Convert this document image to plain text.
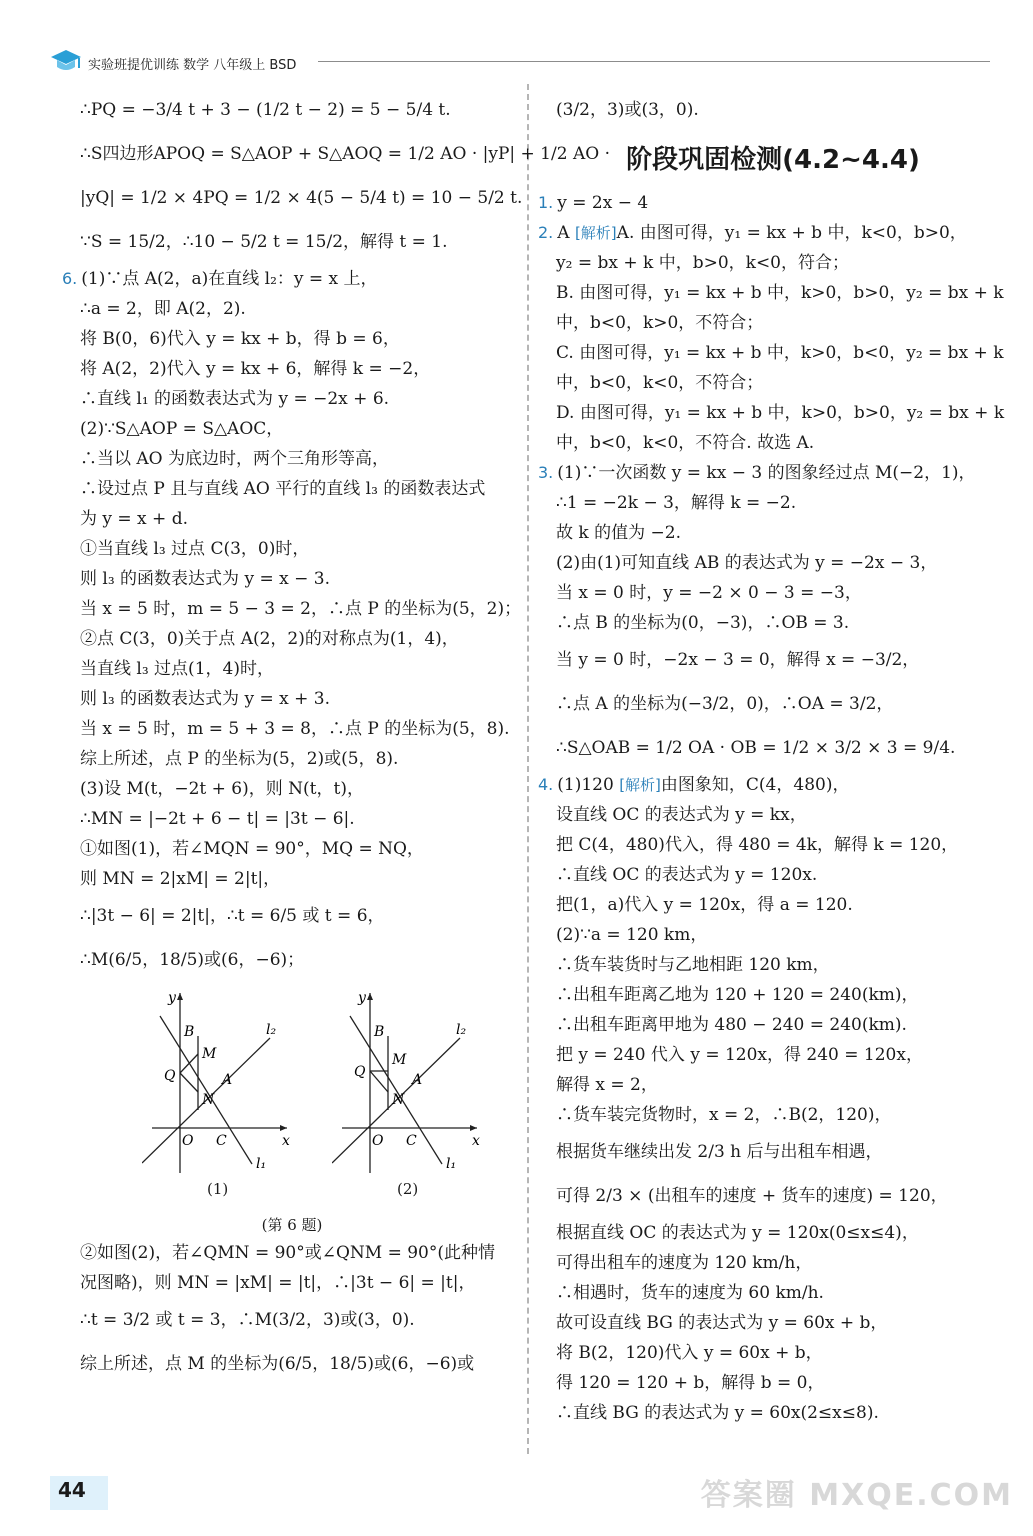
实验班提优训练 数学 八年级上 BSD

∴PQ = −3/4 t + 3 − (1/2 t − 2) = 5 − 5/4 t.

∴S四边形APOQ = S△AOP + S△AOQ = 1/2 AO · |yP| + 1/2 AO ·

|yQ| = 1/2 × 4PQ = 1/2 × 4(5 − 5/4 t) = 10 − 5/2 t.

∵S = 15/2，∴10 − 5/2 t = 15/2，解得 t = 1.

6. (1)∵点 A(2，a)在直线 l₂：y = x 上，

∴a = 2，即 A(2，2).

将 B(0，6)代入 y = kx + b，得 b = 6，

将 A(2，2)代入 y = kx + 6，解得 k = −2，

∴直线 l₁ 的函数表达式为 y = −2x + 6.

(2)∵S△AOP = S△AOC，

∴当以 AO 为底边时，两个三角形等高，

∴设过点 P 且与直线 AO 平行的直线 l₃ 的函数表达式

为 y = x + d.

①当直线 l₃ 过点 C(3，0)时，

则 l₃ 的函数表达式为 y = x − 3.

当 x = 5 时，m = 5 − 3 = 2，∴点 P 的坐标为(5，2)；

②点 C(3，0)关于点 A(2，2)的对称点为(1，4)，

当直线 l₃ 过点(1，4)时，

则 l₃ 的函数表达式为 y = x + 3.

当 x = 5 时，m = 5 + 3 = 8，∴点 P 的坐标为(5，8).

综上所述，点 P 的坐标为(5，2)或(5，8).

(3)设 M(t，−2t + 6)，则 N(t，t)，

∴MN = |−2t + 6 − t| = |3t − 6|.

①如图(1)，若∠MQN = 90°，MQ = NQ，

则 MN = 2|xM| = 2|t|，

∴|3t − 6| = 2|t|，∴t = 6/5 或 t = 6，

∴M(6/5，18/5)或(6，−6)；

y
B
M
Q	A
N
O C	x
l₂
l₁
y
B
M
Q	A
N
O C	x
l₂
l₁
(1)	(2)

(第 6 题)

②如图(2)，若∠QMN = 90°或∠QNM = 90°(此种情

况图略)，则 MN = |xM| = |t|，∴|3t − 6| = |t|，

∴t = 3/2 或 t = 3，∴M(3/2，3)或(3，0).

综上所述，点 M 的坐标为(6/5，18/5)或(6，−6)或

(3/2，3)或(3，0).

阶段巩固检测(4.2~4.4)

1. y = 2x − 4

2. A [解析]A. 由图可得，y₁ = kx + b 中，k<0，b>0，

y₂ = bx + k 中，b>0，k<0，符合；

B. 由图可得，y₁ = kx + b 中，k>0，b>0，y₂ = bx + k

中，b<0，k>0，不符合；

C. 由图可得，y₁ = kx + b 中，k>0，b<0，y₂ = bx + k

中，b<0，k<0，不符合；

D. 由图可得，y₁ = kx + b 中，k>0，b>0，y₂ = bx + k

中，b<0，k<0，不符合. 故选 A.

3. (1)∵一次函数 y = kx − 3 的图象经过点 M(−2，1)，

∴1 = −2k − 3，解得 k = −2.

故 k 的值为 −2.

(2)由(1)可知直线 AB 的表达式为 y = −2x − 3，

当 x = 0 时，y = −2 × 0 − 3 = −3，

∴点 B 的坐标为(0，−3)，∴OB = 3.

当 y = 0 时，−2x − 3 = 0，解得 x = −3/2，

∴点 A 的坐标为(−3/2，0)，∴OA = 3/2，

∴S△OAB = 1/2 OA · OB = 1/2 × 3/2 × 3 = 9/4.

4. (1)120 [解析]由图象知，C(4，480)，

设直线 OC 的表达式为 y = kx，

把 C(4，480)代入，得 480 = 4k，解得 k = 120，

∴直线 OC 的表达式为 y = 120x.

把(1，a)代入 y = 120x，得 a = 120.

(2)∵a = 120 km，

∴货车装货时与乙地相距 120 km，

∴出租车距离乙地为 120 + 120 = 240(km)，

∴出租车距离甲地为 480 − 240 = 240(km).

把 y = 240 代入 y = 120x，得 240 = 120x，

解得 x = 2，

∴货车装完货物时，x = 2，∴B(2，120)，

根据货车继续出发 2/3 h 后与出租车相遇，

可得 2/3 × (出租车的速度 + 货车的速度) = 120，

根据直线 OC 的表达式为 y = 120x(0≤x≤4)，

可得出租车的速度为 120 km/h，

∴相遇时，货车的速度为 60 km/h.

故可设直线 BG 的表达式为 y = 60x + b，

将 B(2，120)代入 y = 60x + b，

得 120 = 120 + b，解得 b = 0，

∴直线 BG 的表达式为 y = 60x(2≤x≤8).

44	答案圈 MXQE.COM
